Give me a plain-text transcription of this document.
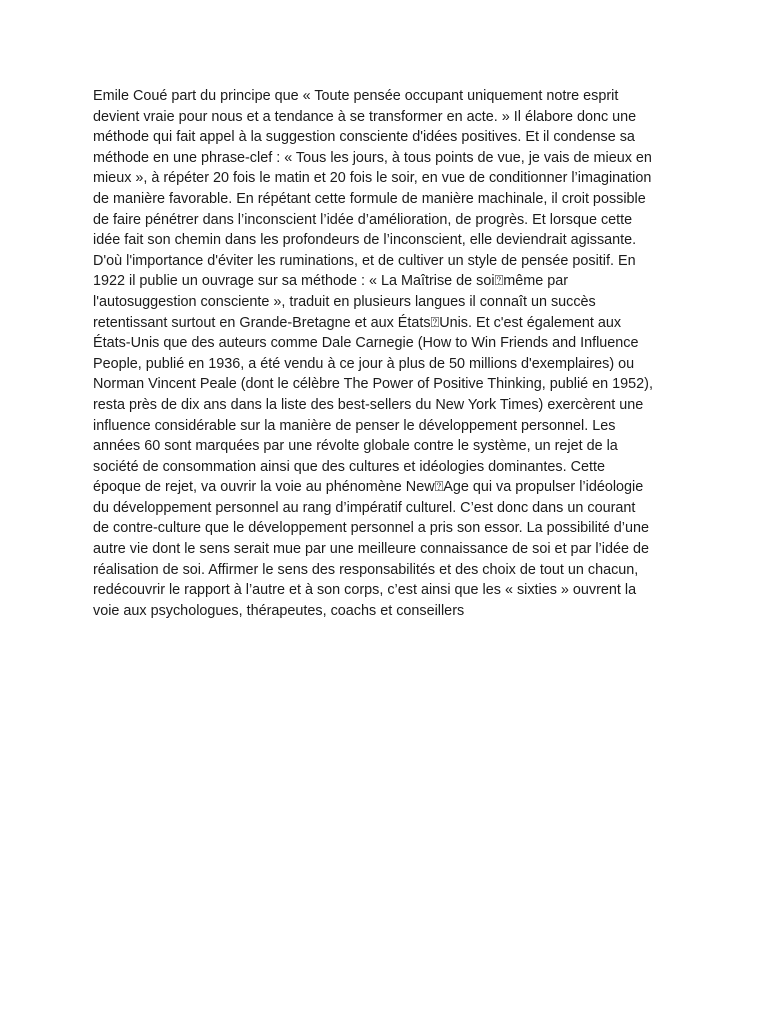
Emile Coué part du principe que « Toute pensée occupant uniquement notre esprit
devient vraie pour nous et a tendance à se transformer en acte. » Il élabore donc une
méthode qui fait appel à la suggestion consciente d'idées positives. Et il condense sa
méthode en une phrase-clef : « Tous les jours, à tous points de vue, je vais de mieux en
mieux », à répéter 20 fois le matin et 20 fois le soir, en vue de conditionner l’imagination
de manière favorable. En répétant cette formule de manière machinale, il croit possible
de faire pénétrer dans l’inconscient l’idée d’amélioration, de progrès. Et lorsque cette
idée fait son chemin dans les profondeurs de l’inconscient, elle deviendrait agissante.
D'où l'importance d'éviter les ruminations, et de cultiver un style de pensée positif. En
1922 il publie un ouvrage sur sa méthode : « La Maîtrise de soi⍰même par
l'autosuggestion consciente », traduit en plusieurs langues il connaît un succès
retentissant surtout en Grande-Bretagne et aux États⍰Unis. Et c'est également aux
États-Unis que des auteurs comme Dale Carnegie (How to Win Friends and Influence
People, publié en 1936, a été vendu à ce jour à plus de 50 millions d'exemplaires) ou
Norman Vincent Peale (dont le célèbre The Power of Positive Thinking, publié en 1952),
resta près de dix ans dans la liste des best-sellers du New York Times) exercèrent une
influence considérable sur la manière de penser le développement personnel. Les
années 60 sont marquées par une révolte globale contre le système, un rejet de la
société de consommation ainsi que des cultures et idéologies dominantes. Cette
époque de rejet, va ouvrir la voie au phénomène New⍰Age qui va propulser l’idéologie
du développement personnel au rang d’impératif culturel. C’est donc dans un courant
de contre-culture que le développement personnel a pris son essor. La possibilité d’une
autre vie dont le sens serait mue par une meilleure connaissance de soi et par l’idée de
réalisation de soi. Affirmer le sens des responsabilités et des choix de tout un chacun,
redécouvrir le rapport à l’autre et à son corps, c’est ainsi que les « sixties » ouvrent la
voie aux psychologues, thérapeutes, coachs et conseillers
